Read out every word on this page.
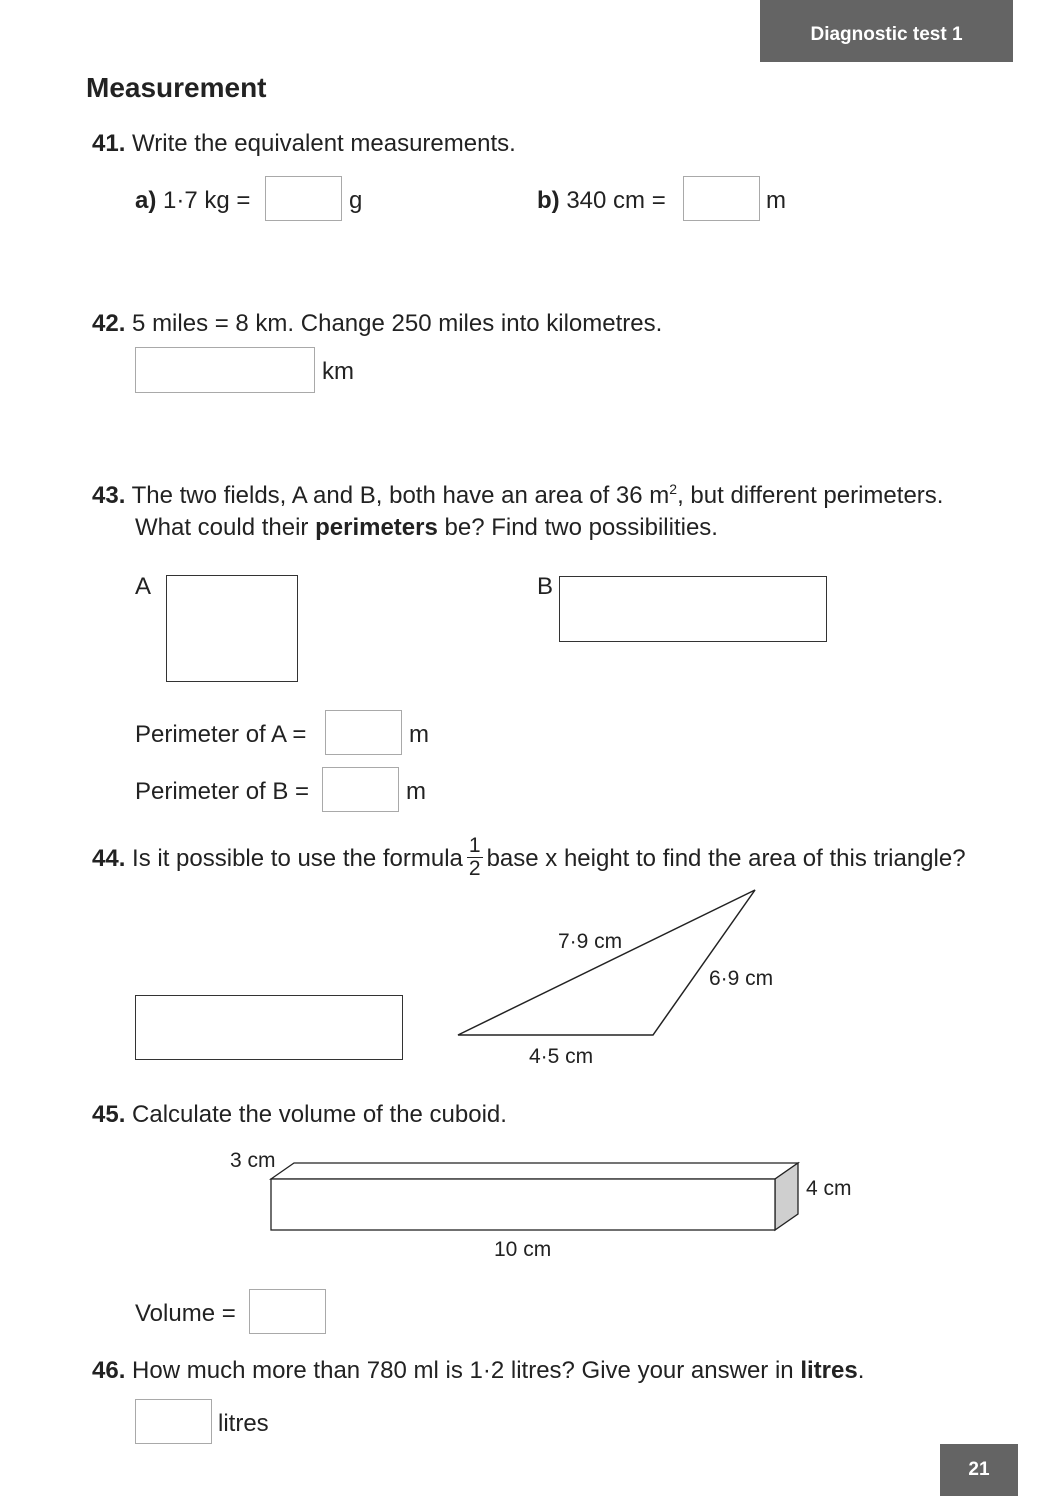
Diagnostic test 1
Measurement
41. Write the equivalent measurements.
a) 1·7 kg =	g	b) 340 cm =	m
42. 5 miles = 8 km. Change 250 miles into kilometres.
km
43. The two fields, A and B, both have an area of 36 $m^2$, but different perimeters.
What could their perimeters be? Find two possibilities.
A	B
Perimeter of A =	m
Perimeter of B =	m
44. Is it possible to use the formula $\frac{1}{2}$ base x height to find the area of this triangle?
7·9 cm
6·9 cm
4·5 cm
45. Calculate the volume of the cuboid.
3 cm
4 cm
10 cm
Volume =
46. How much more than 780 ml is 1·2 litres? Give your answer in litres.
litres
21
